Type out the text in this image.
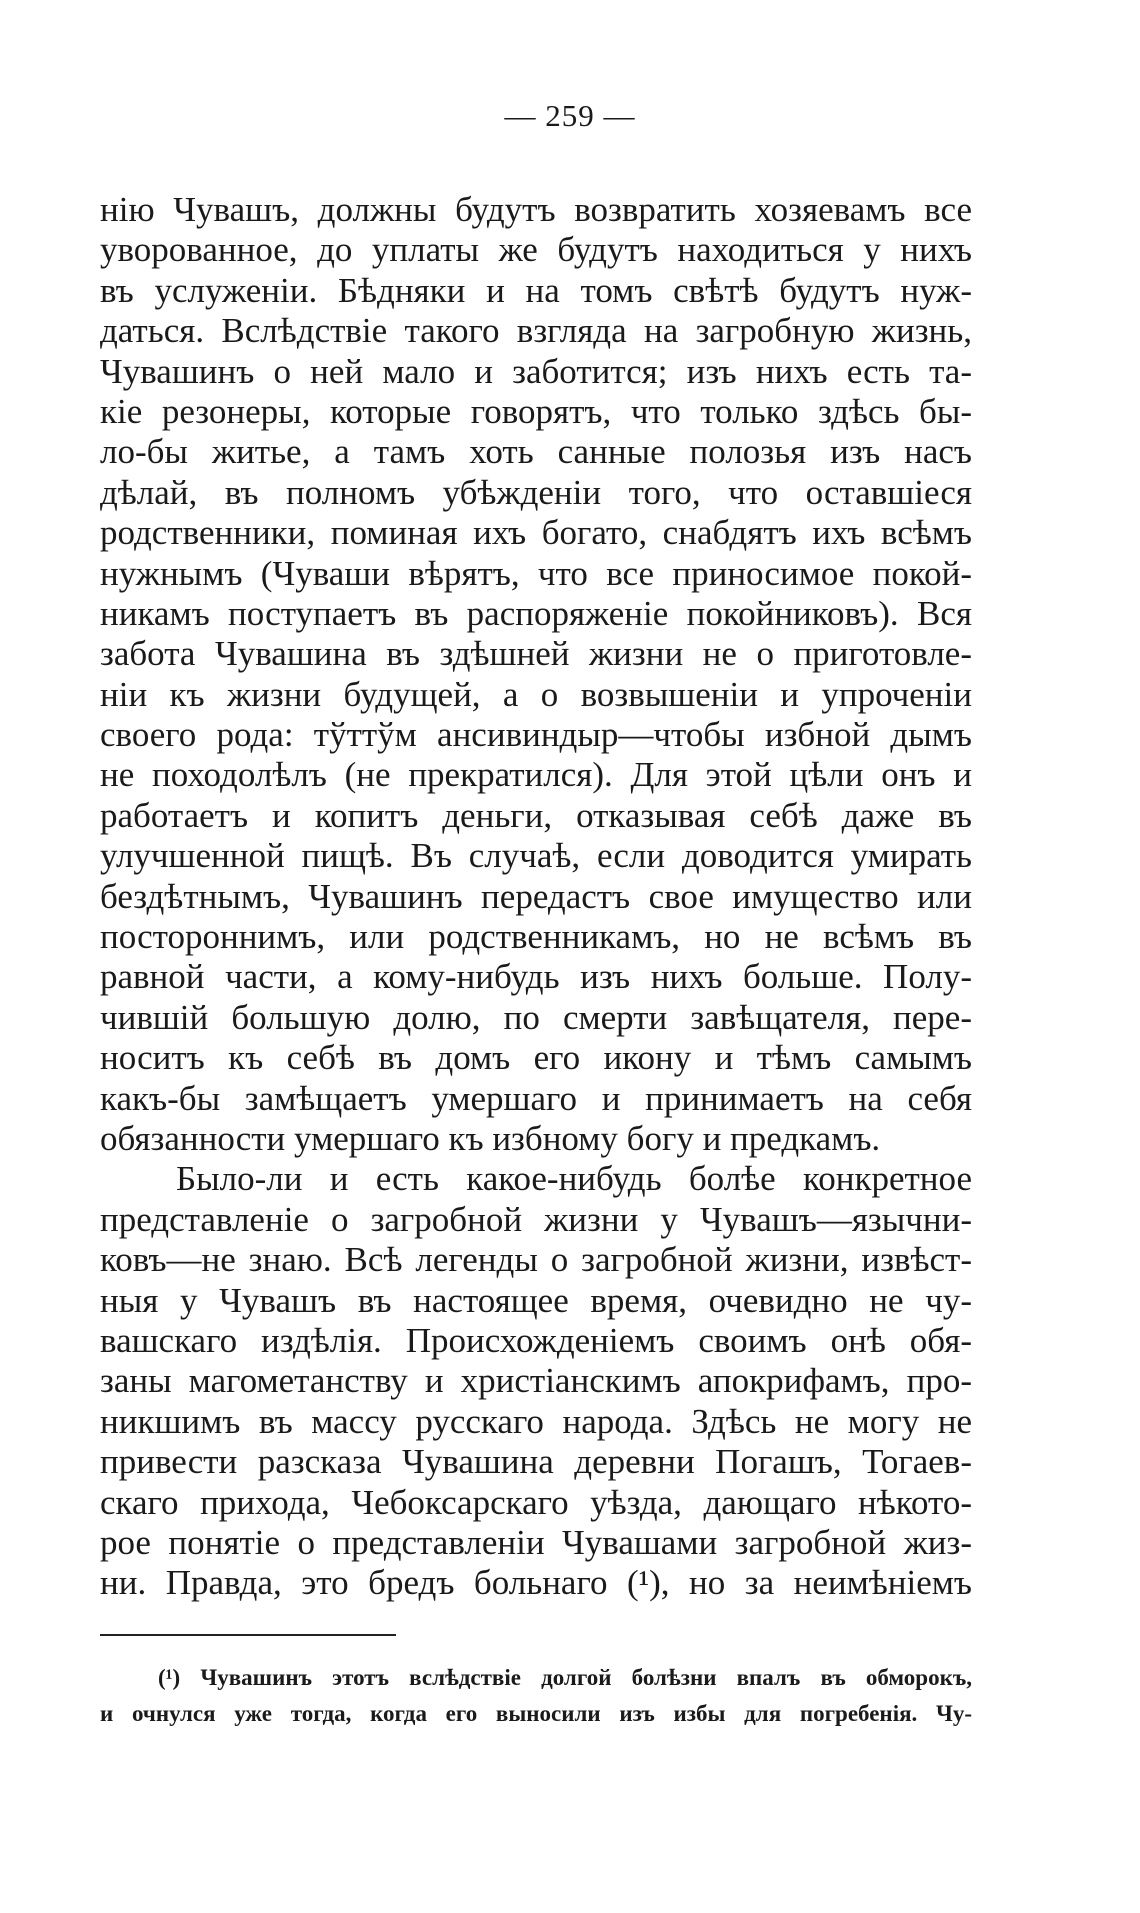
— 259 —
нію Чувашъ, должны будутъ возвратить хозяевамъ все
уворованное, до уплаты же будутъ находиться у нихъ
въ услуженіи. Бѣдняки и на томъ свѣтѣ будутъ нуж-
даться. Вслѣдствіе такого взгляда на загробную жизнь,
Чувашинъ о ней мало и заботится; изъ нихъ есть та-
кіе резонеры, которые говорятъ, что только здѣсь бы-
ло-бы житье, а тамъ хоть санные полозья изъ насъ
дѣлай, въ полномъ убѣжденіи того, что оставшіеся
родственники, поминая ихъ богато, снабдятъ ихъ всѣмъ
нужнымъ (Чуваши вѣрятъ, что все приносимое покой-
никамъ поступаетъ въ распоряженіе покойниковъ). Вся
забота Чувашина въ здѣшней жизни не о приготовле-
ніи къ жизни будущей, а о возвышеніи и упроченіи
своего рода: тўттўм ансивиндыр—чтобы избной дымъ
не походолѣлъ (не прекратился). Для этой цѣли онъ и
работаетъ и копитъ деньги, отказывая себѣ даже въ
улучшенной пищѣ. Въ случаѣ, если доводится умирать
бездѣтнымъ, Чувашинъ передастъ свое имущество или
постороннимъ, или родственникамъ, но не всѣмъ въ
равной части, а кому-нибудь изъ нихъ больше. Полу-
чившій большую долю, по смерти завѣщателя, пере-
носитъ къ себѣ въ домъ его икону и тѣмъ самымъ
какъ-бы замѣщаетъ умершаго и принимаетъ на себя
обязанности умершаго къ избному богу и предкамъ.
Было-ли и есть какое-нибудь болѣе конкретное
представленіе о загробной жизни у Чувашъ—язычни-
ковъ—не знаю. Всѣ легенды о загробной жизни, извѣст-
ныя у Чувашъ въ настоящее время, очевидно не чу-
вашскаго издѣлія. Происхожденіемъ своимъ онѣ обя-
заны магометанству и христіанскимъ апокрифамъ, про-
никшимъ въ массу русскаго народа. Здѣсь не могу не
привести разсказа Чувашина деревни Погашъ, Тогаев-
скаго прихода, Чебоксарскаго уѣзда, дающаго нѣкото-
рое понятіе о представленіи Чувашами загробной жиз-
ни. Правда, это бредъ больнаго (¹), но за неимѣніемъ
(¹) Чувашинъ этотъ вслѣдствіе долгой болѣзни впалъ въ обморокъ,
и очнулся уже тогда, когда его выносили изъ избы для погребенія. Чу-
